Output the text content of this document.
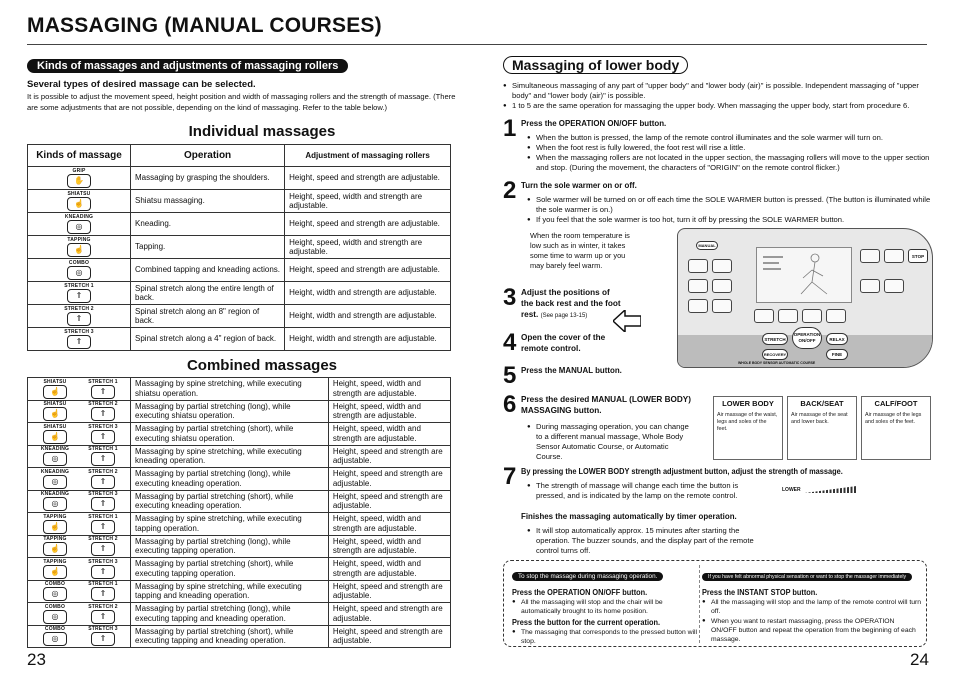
MASSAGING (MANUAL COURSES)
Kinds of massages and adjustments of massaging rollers
Several types of desired massage can be selected.
It is possible to adjust the movement speed, height position and width of massaging rollers and the strength of massage. (There are some adjustments that are not possible, depending on the kind of massaging. Refer to the table below.)
Individual massages
Kinds of massage	Operation	Adjustment of massaging rollers

GRIP
✋	Massaging by grasping the shoulders.	Height, speed and strength are adjustable.

SHIATSU
☝	Shiatsu massaging.	Height, speed, width and strength are adjustable.

KNEADING
◎	Kneading.	Height, speed and strength are adjustable.

TAPPING
☝	Tapping.	Height, speed, width and strength are adjustable.

COMBO
◎	Combined tapping and kneading actions.	Height, speed and strength are adjustable.

STRETCH 1
⇑	Spinal stretch along the entire length of back.	Height, width and strength are adjustable.

STRETCH 2
⇑	Spinal stretch along an 8" region of back.	Height, width and strength are adjustable.

STRETCH 3
⇑	Spinal stretch along a 4" region of back.	Height, width and strength are adjustable.
Combined massages
SHIATSU
☝
STRETCH 1
⇑	Massaging by spine stretching, while executing shiatsu operation.	Height, speed, width and strength are adjustable.

SHIATSU
☝
STRETCH 2
⇑	Massaging by partial stretching (long), while executing shiatsu operation.	Height, speed, width and strength are adjustable.

SHIATSU
☝
STRETCH 3
⇑	Massaging by partial stretching (short), while executing shiatsu operation.	Height, speed, width and strength are adjustable.

KNEADING
◎
STRETCH 1
⇑	Massaging by spine stretching, while executing kneading operation.	Height, speed and strength are adjustable.

KNEADING
◎
STRETCH 2
⇑	Massaging by partial stretching (long), while executing kneading operation.	Height, speed and strength are adjustable.

KNEADING
◎
STRETCH 3
⇑	Massaging by partial stretching (short), while executing kneading operation.	Height, speed and strength are adjustable.

TAPPING
☝
STRETCH 1
⇑	Massaging by spine stretching, while executing tapping operation.	Height, speed, width and strength are adjustable.

TAPPING
☝
STRETCH 2
⇑	Massaging by partial stretching (long), while executing tapping operation.	Height, speed, width and strength are adjustable.

TAPPING
☝
STRETCH 3
⇑	Massaging by partial stretching (short), while executing tapping operation.	Height, speed, width and strength are adjustable.

COMBO
◎
STRETCH 1
⇑	Massaging by spine stretching, while executing tapping and kneading operation.	Height, speed and strength are adjustable.

COMBO
◎
STRETCH 2
⇑	Massaging by partial stretching (long), while executing tapping and kneading operation.	Height, speed and strength are adjustable.

COMBO
◎
STRETCH 3
⇑	Massaging by partial stretching (short), while executing tapping and kneading operation.	Height, speed and strength are adjustable.
23
Massaging of lower body
● Simultaneous massaging of any part of "upper body" and "lower body (air)" is possible. Independent massaging of "upper body" and "lower body (air)" is possible.
● 1 to 5 are the same operation for massaging the upper body. When massaging the upper body, start from procedure 6.
1 Press the OPERATION ON/OFF button.
● When the button is pressed, the lamp of the remote control illuminates and the sole warmer will turn on.
● When the foot rest is fully lowered, the foot rest will rise a little.
● When the massaging rollers are not located in the upper section, the massaging rollers will move to the upper section and stop. (During the movement, the characters of "ORIGIN" on the remote control flicker.)
2 Turn the sole warmer on or off.
● Sole warmer will be turned on or off each time the SOLE WARMER button is pressed. (The button is illuminated while the sole warmer is on.)
● If you feel that the sole warmer is too hot, turn it off by pressing the SOLE WARMER button.
When the room temperature is low such as in winter, it takes some time to warm up or you may barely feel warm.
3 Adjust the positions of the back rest and the foot rest. (See page 13-15)
4 Open the cover of the remote control.
5 Press the MANUAL button.
6 Press the desired MANUAL (LOWER BODY) MASSAGING button.
● During massaging operation, you can change to a different manual massage, Whole Body Sensor Automatic Course, or Automatic Course.
MANUAL
STOP
STRETCH
OPERATION ON/OFF	RELAX
RECOVERY	FINE
WHOLE BODY SENSOR AUTOMATIC COURSE
LOWER BODY
Air massage of the waist, legs and soles of the feet.
BACK/SEAT
Air massage of the seat and lower back.
CALF/FOOT
Air massage of the legs and soles of the feet.
7 By pressing the LOWER BODY strength adjustment button, adjust the strength of massage.
● The strength of massage will change each time the button is pressed, and is indicated by the lamp on the remote control.
Finishes the massaging automatically by timer operation.
● It will stop automatically approx. 15 minutes after starting the operation. The buzzer sounds, and the display part of the remote control turns off.
LOWER
To stop the massage during massaging operation.
Press the OPERATION ON/OFF button.
● All the massaging will stop and the chair will be automatically brought to its home position.
Press the button for the current operation.
● The massaging that corresponds to the pressed button will stop.
If you have felt abnormal physical sensation or want to stop the massager immediately
Press the INSTANT STOP button.
● All the massaging will stop and the lamp of the remote control will turn off.
● When you want to restart massaging, press the OPERATION ON/OFF button and repeat the operation from the beginning of each massage.
24
